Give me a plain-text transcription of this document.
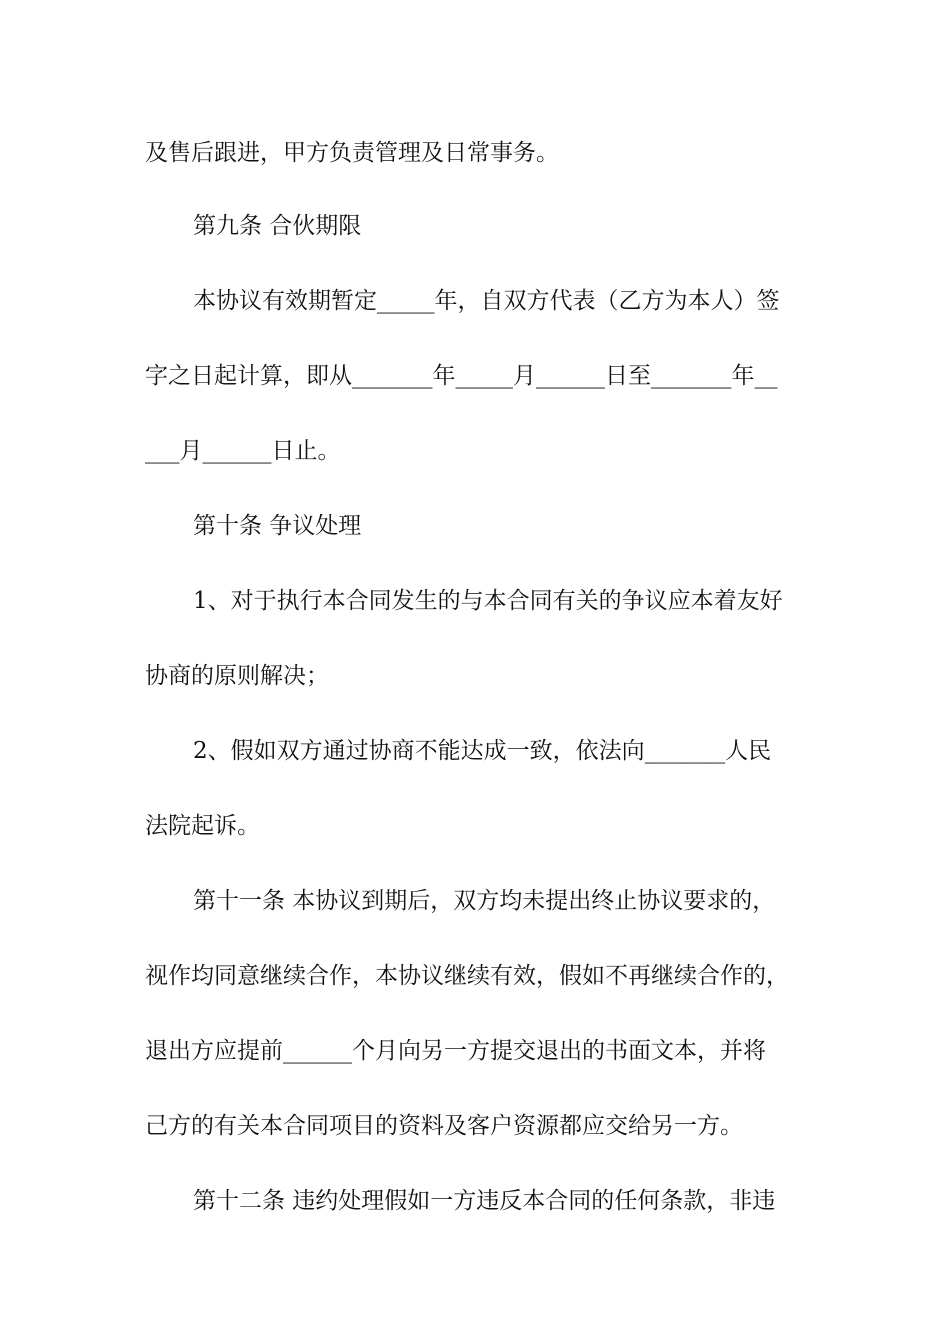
及售后跟进，甲方负责管理及日常事务。

第九条 合伙期限

本协议有效期暂定_____年，自双方代表（乙方为本人）签

字之日起计算，即从_______年_____月______日至_______年__

___月______日止。

第十条 争议处理

1、对于执行本合同发生的与本合同有关的争议应本着友好

协商的原则解决；

2、假如双方通过协商不能达成一致，依法向_______人民

法院起诉。

第十一条 本协议到期后，双方均未提出终止协议要求的，

视作均同意继续合作，本协议继续有效，假如不再继续合作的，

退出方应提前______个月向另一方提交退出的书面文本，并将

己方的有关本合同项目的资料及客户资源都应交给另一方。

第十二条 违约处理假如一方违反本合同的任何条款，非违
